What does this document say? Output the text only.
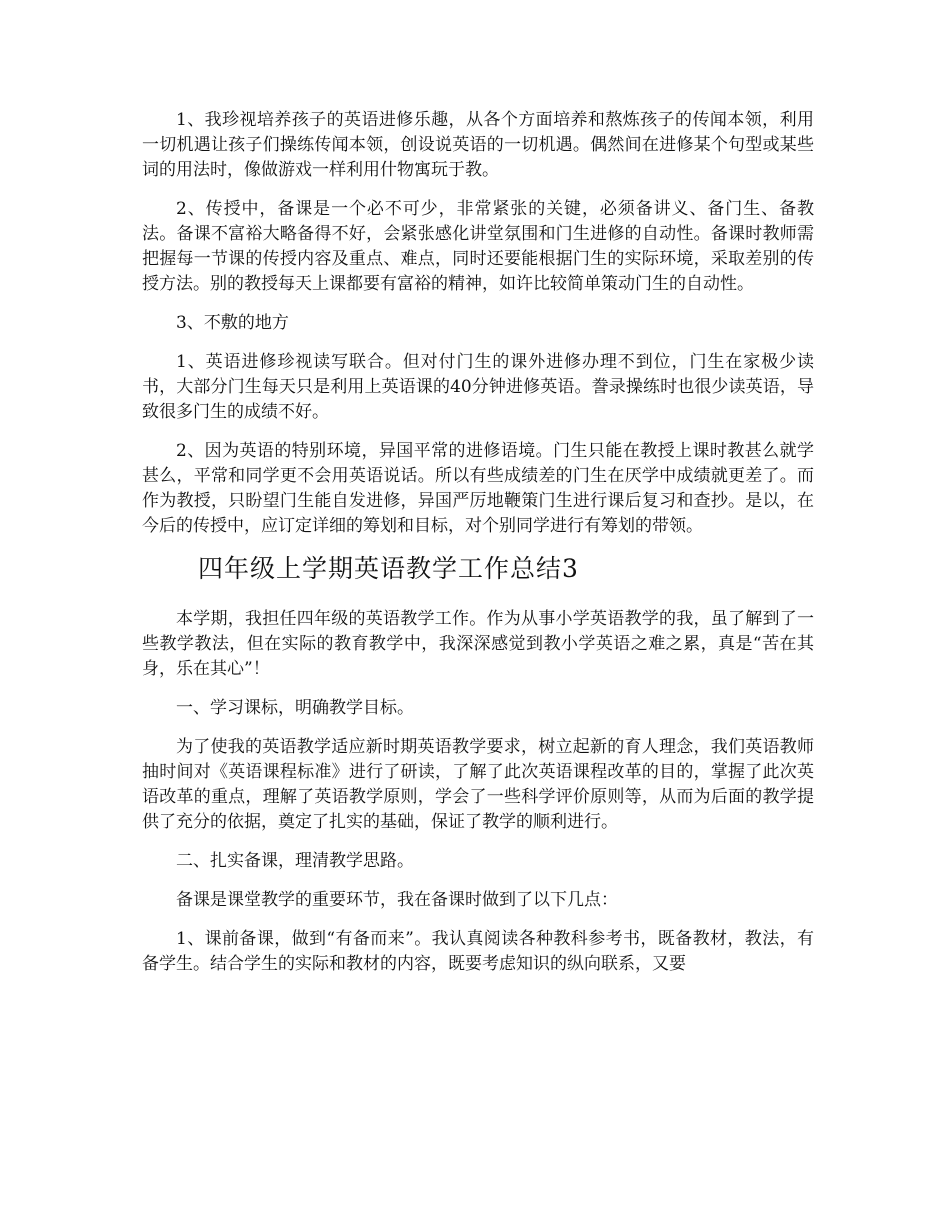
1、我珍视培养孩子的英语进修乐趣，从各个方面培养和熬炼孩子的传闻本领，利用一切机遇让孩子们操练传闻本领，创设说英语的一切机遇。偶然间在进修某个句型或某些词的用法时，像做游戏一样利用什物寓玩于教。

2、传授中，备课是一个必不可少，非常紧张的关键，必须备讲义、备门生、备教法。备课不富裕大略备得不好，会紧张感化讲堂氛围和门生进修的自动性。备课时教师需把握每一节课的传授内容及重点、难点，同时还要能根据门生的实际环境，采取差别的传授方法。别的教授每天上课都要有富裕的精神，如许比较简单策动门生的自动性。

3、不敷的地方

1、英语进修珍视读写联合。但对付门生的课外进修办理不到位，门生在家极少读书，大部分门生每天只是利用上英语课的40分钟进修英语。誊录操练时也很少读英语，导致很多门生的成绩不好。

2、因为英语的特别环境，异国平常的进修语境。门生只能在教授上课时教甚么就学甚么，平常和同学更不会用英语说话。所以有些成绩差的门生在厌学中成绩就更差了。而作为教授，只盼望门生能自发进修，异国严厉地鞭策门生进行课后复习和查抄。是以，在今后的传授中，应订定详细的筹划和目标，对个别同学进行有筹划的带领。

四年级上学期英语教学工作总结3

本学期，我担任四年级的英语教学工作。作为从事小学英语教学的我，虽了解到了一些教学教法，但在实际的教育教学中，我深深感觉到教小学英语之难之累，真是“苦在其身，乐在其心”！

一、学习课标，明确教学目标。

为了使我的英语教学适应新时期英语教学要求，树立起新的育人理念，我们英语教师抽时间对《英语课程标准》进行了研读，了解了此次英语课程改革的目的，掌握了此次英语改革的重点，理解了英语教学原则，学会了一些科学评价原则等，从而为后面的教学提供了充分的依据，奠定了扎实的基础，保证了教学的顺利进行。

二、扎实备课，理清教学思路。

备课是课堂教学的重要环节，我在备课时做到了以下几点：

1、课前备课，做到“有备而来”。我认真阅读各种教科参考书，既备教材，教法，有备学生。结合学生的实际和教材的内容，既要考虑知识的纵向联系，又要
